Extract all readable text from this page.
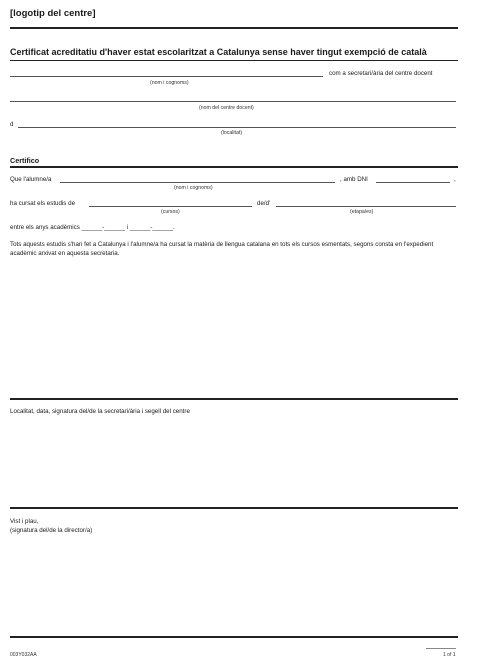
[logotip del centre]
Certificat acreditatiu d'haver estat escolaritzat a Catalunya sense haver tingut exempció de català
com a secretari/ària del centre docent
(nom i cognoms)
(nom del centre docent)
d
(localitat)
Certifico
Que l'alumne/a	, amb DNI	,
(nom i cognoms)
ha cursat els estudis de	de/d'
(cursos)	(etapa/es)
entre els anys acadèmics ______-______ i ______-______.
Tots aquests estudis s'han fet a Catalunya i l'alumne/a ha cursat la matèria de llengua catalana en tots els cursos esmentats, segons consta en l'expedient acadèmic arxivat en aquesta secretaria.
Localitat, data, signatura del/de la secretari/ària i segell del centre
Vist i plau,
(signatura del/de la director/a)
003Y032AA	1 of 1
